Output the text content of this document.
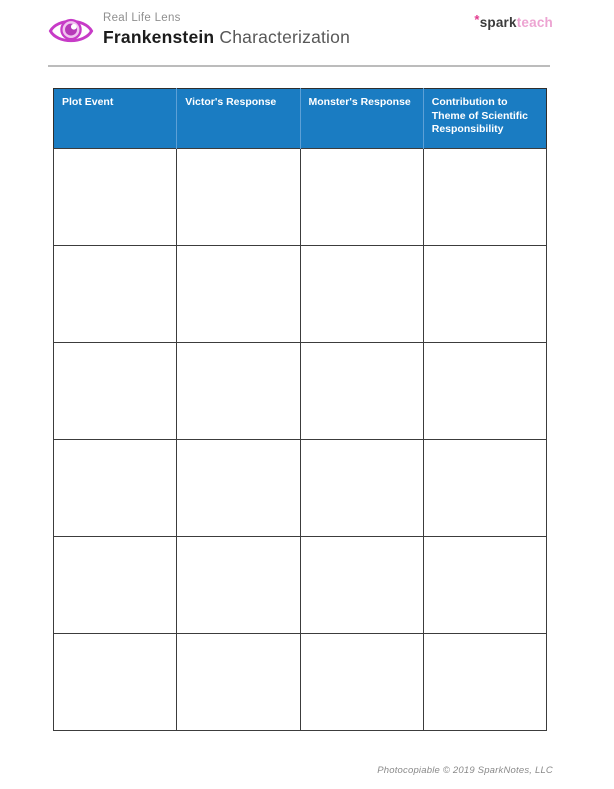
Real Life Lens
Frankenstein Characterization
*sparkteach
Plot Event	Victor's Response	Monster's Response	Contribution to Theme of Scientific Responsibility

Photocopiable © 2019 SparkNotes, LLC
